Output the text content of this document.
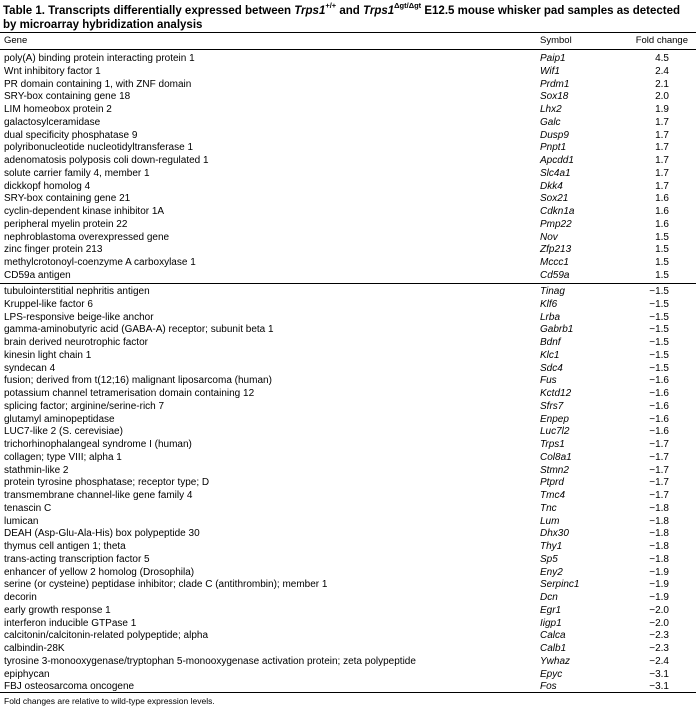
Table 1. Transcripts differentially expressed between Trps1+/+ and $Trps1^{\Delta gt/\Delta gt}$ E12.5 mouse whisker pad samples as detected by microarray hybridization analysis
Gene	Symbol	Fold change
poly(A) binding protein interacting protein 1	Paip1	4.5
Wnt inhibitory factor 1	Wif1	2.4
PR domain containing 1, with ZNF domain	Prdm1	2.1
SRY-box containing gene 18	Sox18	2.0
LIM homeobox protein 2	Lhx2	1.9
galactosylceramidase	Galc	1.7
dual specificity phosphatase 9	Dusp9	1.7
polyribonucleotide nucleotidyltransferase 1	Pnpt1	1.7
adenomatosis polyposis coli down-regulated 1	Apcdd1	1.7
solute carrier family 4, member 1	Slc4a1	1.7
dickkopf homolog 4	Dkk4	1.7
SRY-box containing gene 21	Sox21	1.6
cyclin-dependent kinase inhibitor 1A	Cdkn1a	1.6
peripheral myelin protein 22	Pmp22	1.6
nephroblastoma overexpressed gene	Nov	1.5
zinc finger protein 213	Zfp213	1.5
methylcrotonoyl-coenzyme A carboxylase 1	Mccc1	1.5
CD59a antigen	Cd59a	1.5
tubulointerstitial nephritis antigen	Tinag	−1.5
Kruppel-like factor 6	Klf6	−1.5
LPS-responsive beige-like anchor	Lrba	−1.5
gamma-aminobutyric acid (GABA-A) receptor; subunit beta 1	Gabrb1	−1.5
brain derived neurotrophic factor	Bdnf	−1.5
kinesin light chain 1	Klc1	−1.5
syndecan 4	Sdc4	−1.5
fusion; derived from t(12;16) malignant liposarcoma (human)	Fus	−1.6
potassium channel tetramerisation domain containing 12	Kctd12	−1.6
splicing factor; arginine/serine-rich 7	Sfrs7	−1.6
glutamyl aminopeptidase	Enpep	−1.6
LUC7-like 2 (S. cerevisiae)	Luc7l2	−1.6
trichorhinophalangeal syndrome I (human)	Trps1	−1.7
collagen; type VIII; alpha 1	Col8a1	−1.7
stathmin-like 2	Stmn2	−1.7
protein tyrosine phosphatase; receptor type; D	Ptprd	−1.7
transmembrane channel-like gene family 4	Tmc4	−1.7
tenascin C	Tnc	−1.8
lumican	Lum	−1.8
DEAH (Asp-Glu-Ala-His) box polypeptide 30	Dhx30	−1.8
thymus cell antigen 1; theta	Thy1	−1.8
trans-acting transcription factor 5	Sp5	−1.8
enhancer of yellow 2 homolog (Drosophila)	Eny2	−1.9
serine (or cysteine) peptidase inhibitor; clade C (antithrombin); member 1	Serpinc1	−1.9
decorin	Dcn	−1.9
early growth response 1	Egr1	−2.0
interferon inducible GTPase 1	Iigp1	−2.0
calcitonin/calcitonin-related polypeptide; alpha	Calca	−2.3
calbindin-28K	Calb1	−2.3
tyrosine 3-monooxygenase/tryptophan 5-monooxygenase activation protein; zeta polypeptide	Ywhaz	−2.4
epiphycan	Epyc	−3.1
FBJ osteosarcoma oncogene	Fos	−3.1
Fold changes are relative to wild-type expression levels.
